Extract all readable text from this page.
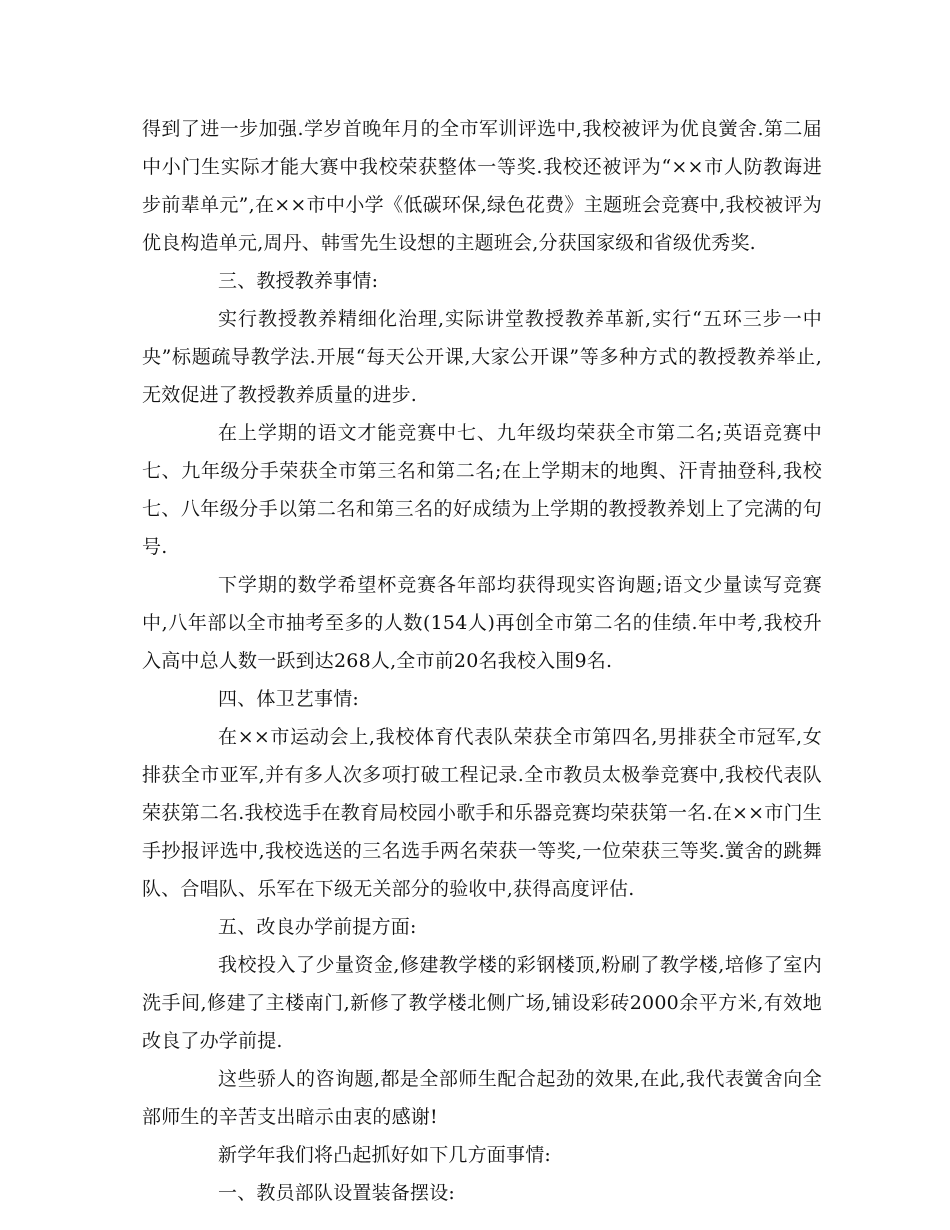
得到了进一步加强.学岁首晚年月的全市军训评选中,我校被评为优良黉舍.第二届中小门生实际才能大赛中我校荣获整体一等奖.我校还被评为“××市人防教诲进步前辈单元”,在××市中小学《低碳环保,绿色花费》主题班会竞赛中,我校被评为优良构造单元,周丹、韩雪先生设想的主题班会,分获国家级和省级优秀奖.

三、教授教养事情:

实行教授教养精细化治理,实际讲堂教授教养革新,实行“五环三步一中央”标题疏导教学法.开展“每天公开课,大家公开课”等多种方式的教授教养举止,无效促进了教授教养质量的进步.

在上学期的语文才能竞赛中七、九年级均荣获全市第二名;英语竞赛中七、九年级分手荣获全市第三名和第二名;在上学期末的地舆、汗青抽登科,我校七、八年级分手以第二名和第三名的好成绩为上学期的教授教养划上了完满的句号.

下学期的数学希望杯竞赛各年部均获得现实咨询题;语文少量读写竞赛中,八年部以全市抽考至多的人数(154人)再创全市第二名的佳绩.年中考,我校升入高中总人数一跃到达268人,全市前20名我校入围9名.

四、体卫艺事情:

在××市运动会上,我校体育代表队荣获全市第四名,男排获全市冠军,女排获全市亚军,并有多人次多项打破工程记录.全市教员太极拳竞赛中,我校代表队荣获第二名.我校选手在教育局校园小歌手和乐器竞赛均荣获第一名.在××市门生手抄报评选中,我校选送的三名选手两名荣获一等奖,一位荣获三等奖.黉舍的跳舞队、合唱队、乐军在下级无关部分的验收中,获得高度评估.

五、改良办学前提方面:

我校投入了少量资金,修建教学楼的彩钢楼顶,粉刷了教学楼,培修了室内洗手间,修建了主楼南门,新修了教学楼北侧广场,铺设彩砖2000余平方米,有效地改良了办学前提.

这些骄人的咨询题,都是全部师生配合起劲的效果,在此,我代表黉舍向全部师生的辛苦支出暗示由衷的感谢!

新学年我们将凸起抓好如下几方面事情:

一、教员部队设置装备摆设:
